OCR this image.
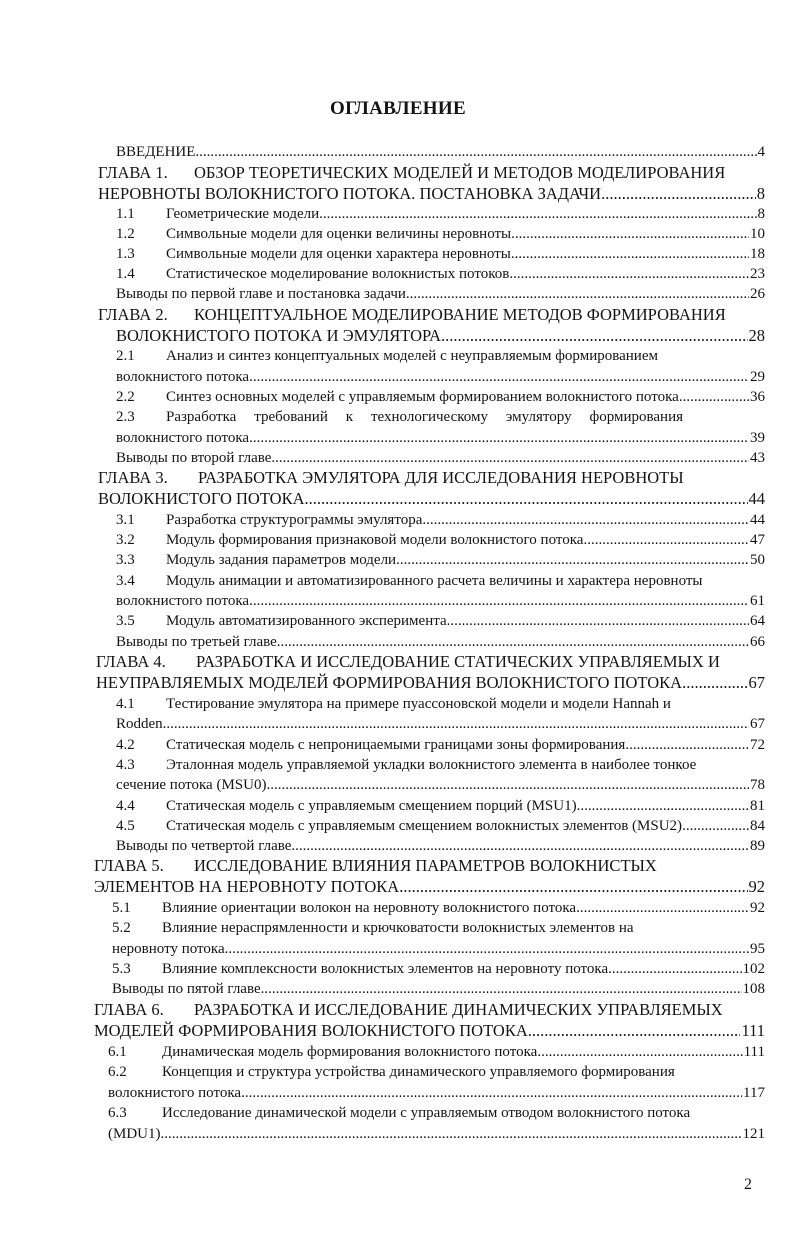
ОГЛАВЛЕНИЕ
ВВЕДЕНИЕ .....	4
ГЛАВА 1. ОБЗОР ТЕОРЕТИЧЕСКИХ МОДЕЛЕЙ И МЕТОДОВ МОДЕЛИРОВАНИЯ
НЕРОВНОТЫ ВОЛОКНИСТОГО ПОТОКА. ПОСТАНОВКА ЗАДАЧИ .....	8
1.1 Геометрические модели .....	8
1.2 Символьные модели для оценки величины неровноты .....	10
1.3 Символьные модели для оценки характера неровноты .....	18
1.4 Статистическое моделирование волокнистых потоков .....	23
Выводы по первой главе и постановка задачи .....	26
ГЛАВА 2. КОНЦЕПТУАЛЬНОЕ МОДЕЛИРОВАНИЕ МЕТОДОВ ФОРМИРОВАНИЯ
ВОЛОКНИСТОГО ПОТОКА И ЭМУЛЯТОРА .....	28
2.1 Анализ и синтез концептуальных моделей с неуправляемым формированием
волокнистого потока .....	29
2.2 Синтез основных моделей с управляемым формированием волокнистого потока .....	36
2.3 Разработка требований к технологическому эмулятору формирования
волокнистого потока .....	39
Выводы по второй главе .....	43
ГЛАВА 3. РАЗРАБОТКА ЭМУЛЯТОРА ДЛЯ ИССЛЕДОВАНИЯ НЕРОВНОТЫ
ВОЛОКНИСТОГО ПОТОКА .....	44
3.1 Разработка структурограммы эмулятора .....	44
3.2 Модуль формирования признаковой модели волокнистого потока .....	47
3.3 Модуль задания параметров модели .....	50
3.4 Модуль анимации и автоматизированного расчета величины и характера неровноты
волокнистого потока .....	61
3.5 Модуль автоматизированного эксперимента .....	64
Выводы по третьей главе .....	66
ГЛАВА 4. РАЗРАБОТКА И ИССЛЕДОВАНИЕ СТАТИЧЕСКИХ УПРАВЛЯЕМЫХ И
НЕУПРАВЛЯЕМЫХ МОДЕЛЕЙ ФОРМИРОВАНИЯ ВОЛОКНИСТОГО ПОТОКА .....	67
4.1 Тестирование эмулятора на примере пуассоновской модели и модели Hannah и
Rodden. .....	67
4.2 Статическая модель с непроницаемыми границами зоны формирования .....	72
4.3 Эталонная модель управляемой укладки волокнистого элемента в наиболее тонкое
сечение потока (MSU0) .....	78
4.4 Статическая модель с управляемым смещением порций (MSU1) .....	81
4.5 Статическая модель с управляемым смещением волокнистых элементов (MSU2) .....	84
Выводы по четвертой главе .....	89
ГЛАВА 5. ИССЛЕДОВАНИЕ ВЛИЯНИЯ ПАРАМЕТРОВ ВОЛОКНИСТЫХ
ЭЛЕМЕНТОВ НА НЕРОВНОТУ ПОТОКА .....	92
5.1 Влияние ориентации волокон на неровноту волокнистого потока .....	92
5.2 Влияние нераспрямленности и крючковатости волокнистых элементов на
неровноту потока .....	95
5.3 Влияние комплексности волокнистых элементов на неровноту потока .....	102
Выводы по пятой главе .....	108
ГЛАВА 6. РАЗРАБОТКА И ИССЛЕДОВАНИЕ ДИНАМИЧЕСКИХ УПРАВЛЯЕМЫХ
МОДЕЛЕЙ ФОРМИРОВАНИЯ ВОЛОКНИСТОГО ПОТОКА .....	111
6.1 Динамическая модель формирования волокнистого потока .....	111
6.2 Концепция и структура устройства динамического управляемого формирования
волокнистого потока .....	117
6.3 Исследование динамической модели с управляемым отводом волокнистого потока
(MDU1) .....	121
2
